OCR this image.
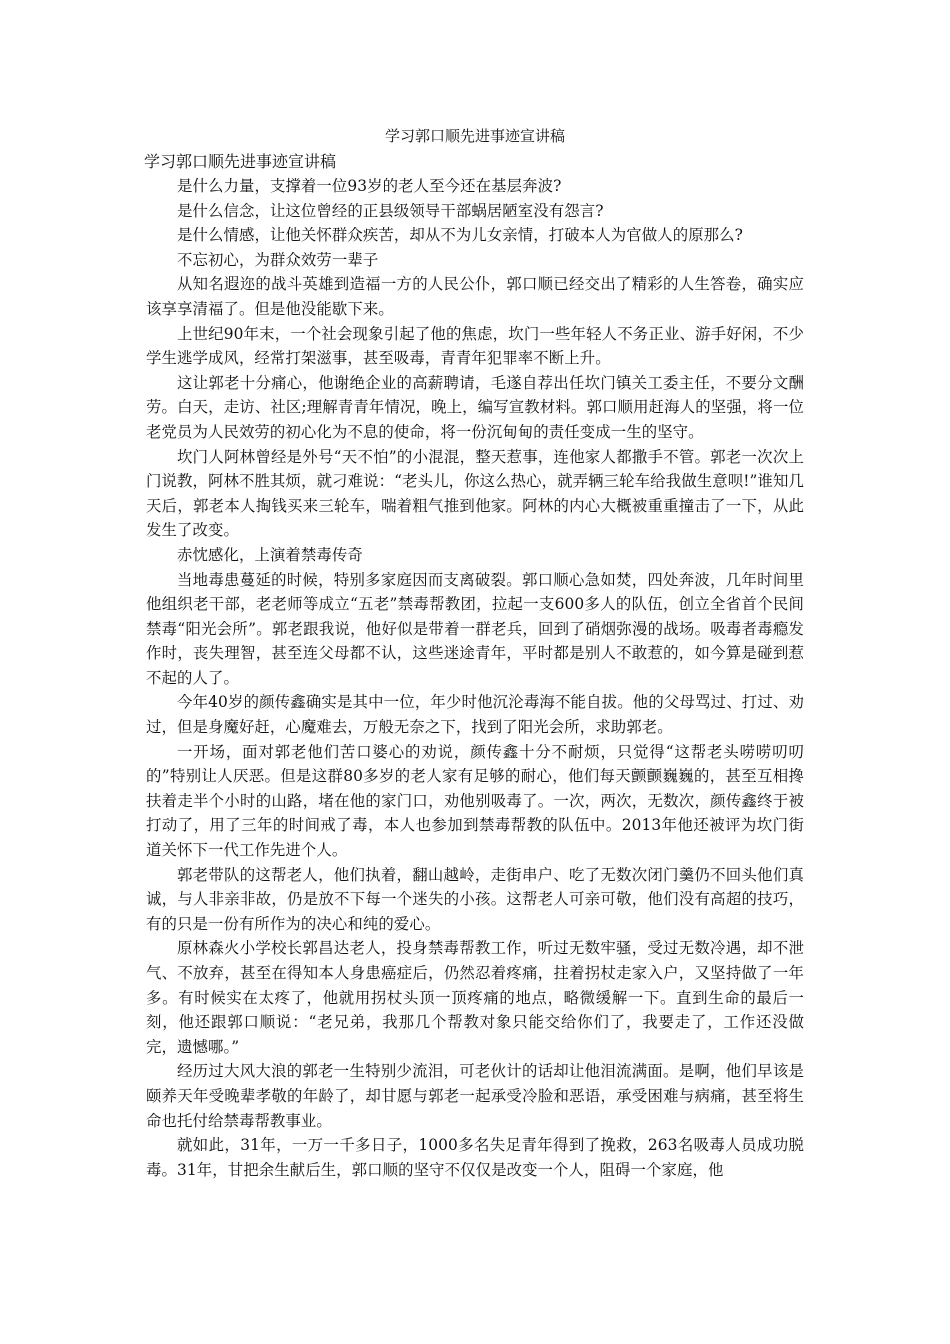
学习郭口顺先进事迹宣讲稿
学习郭口顺先进事迹宣讲稿

是什么力量，支撑着一位93岁的老人至今还在基层奔波?

是什么信念，让这位曾经的正县级领导干部蜗居陋室没有怨言?

是什么情感，让他关怀群众疾苦，却从不为儿女亲情，打破本人为官做人的原那么?

不忘初心，为群众效劳一辈子

从知名遐迩的战斗英雄到造福一方的人民公仆，郭口顺已经交出了精彩的人生答卷，确实应该享享清福了。但是他没能歇下来。

上世纪90年末，一个社会现象引起了他的焦虑，坎门一些年轻人不务正业、游手好闲，不少学生逃学成风，经常打架滋事，甚至吸毒，青青年犯罪率不断上升。

这让郭老十分痛心，他谢绝企业的高薪聘请，毛遂自荐出任坎门镇关工委主任，不要分文酬劳。白天，走访、社区;理解青青年情况，晚上，编写宣教材料。郭口顺用赶海人的坚强，将一位老党员为人民效劳的初心化为不息的使命，将一份沉甸甸的责任变成一生的坚守。

坎门人阿林曾经是外号“天不怕”的小混混，整天惹事，连他家人都撒手不管。郭老一次次上门说教，阿林不胜其烦，就刁难说：“老头儿，你这么热心，就弄辆三轮车给我做生意呗!”谁知几天后，郭老本人掏钱买来三轮车，喘着粗气推到他家。阿林的内心大概被重重撞击了一下，从此发生了改变。

赤忱感化，上演着禁毒传奇

当地毒患蔓延的时候，特别多家庭因而支离破裂。郭口顺心急如焚，四处奔波，几年时间里他组织老干部，老老师等成立“五老”禁毒帮教团，拉起一支600多人的队伍，创立全省首个民间禁毒“阳光会所”。郭老跟我说，他好似是带着一群老兵，回到了硝烟弥漫的战场。吸毒者毒瘾发作时，丧失理智，甚至连父母都不认，这些迷途青年，平时都是别人不敢惹的，如今算是碰到惹不起的人了。

今年40岁的颜传鑫确实是其中一位，年少时他沉沦毒海不能自拔。他的父母骂过、打过、劝过，但是身魔好赶，心魔难去，万般无奈之下，找到了阳光会所，求助郭老。

一开场，面对郭老他们苦口婆心的劝说，颜传鑫十分不耐烦，只觉得“这帮老头唠唠叨叨的”特别让人厌恶。但是这群80多岁的老人家有足够的耐心，他们每天颤颤巍巍的，甚至互相搀扶着走半个小时的山路，堵在他的家门口，劝他别吸毒了。一次，两次，无数次，颜传鑫终于被打动了，用了三年的时间戒了毒，本人也参加到禁毒帮教的队伍中。2013年他还被评为坎门街道关怀下一代工作先进个人。

郭老带队的这帮老人，他们执着，翻山越岭，走街串户、吃了无数次闭门羹仍不回头他们真诚，与人非亲非故，仍是放不下每一个迷失的小孩。这帮老人可亲可敬，他们没有高超的技巧，有的只是一份有所作为的决心和纯的爱心。

原林森火小学校长郭昌达老人，投身禁毒帮教工作，听过无数牢骚，受过无数冷遇，却不泄气、不放弃，甚至在得知本人身患癌症后，仍然忍着疼痛，拄着拐杖走家入户，又坚持做了一年多。有时候实在太疼了，他就用拐杖头顶一顶疼痛的地点，略微缓解一下。直到生命的最后一刻，他还跟郭口顺说：“老兄弟，我那几个帮教对象只能交给你们了，我要走了，工作还没做完，遗憾哪。”

经历过大风大浪的郭老一生特别少流泪，可老伙计的话却让他泪流满面。是啊，他们早该是颐养天年受晚辈孝敬的年龄了，却甘愿与郭老一起承受冷脸和恶语，承受困难与病痛，甚至将生命也托付给禁毒帮教事业。

就如此，31年，一万一千多日子，1000多名失足青年得到了挽救，263名吸毒人员成功脱毒。31年，甘把余生献后生，郭口顺的坚守不仅仅是改变一个人，阻碍一个家庭，他
